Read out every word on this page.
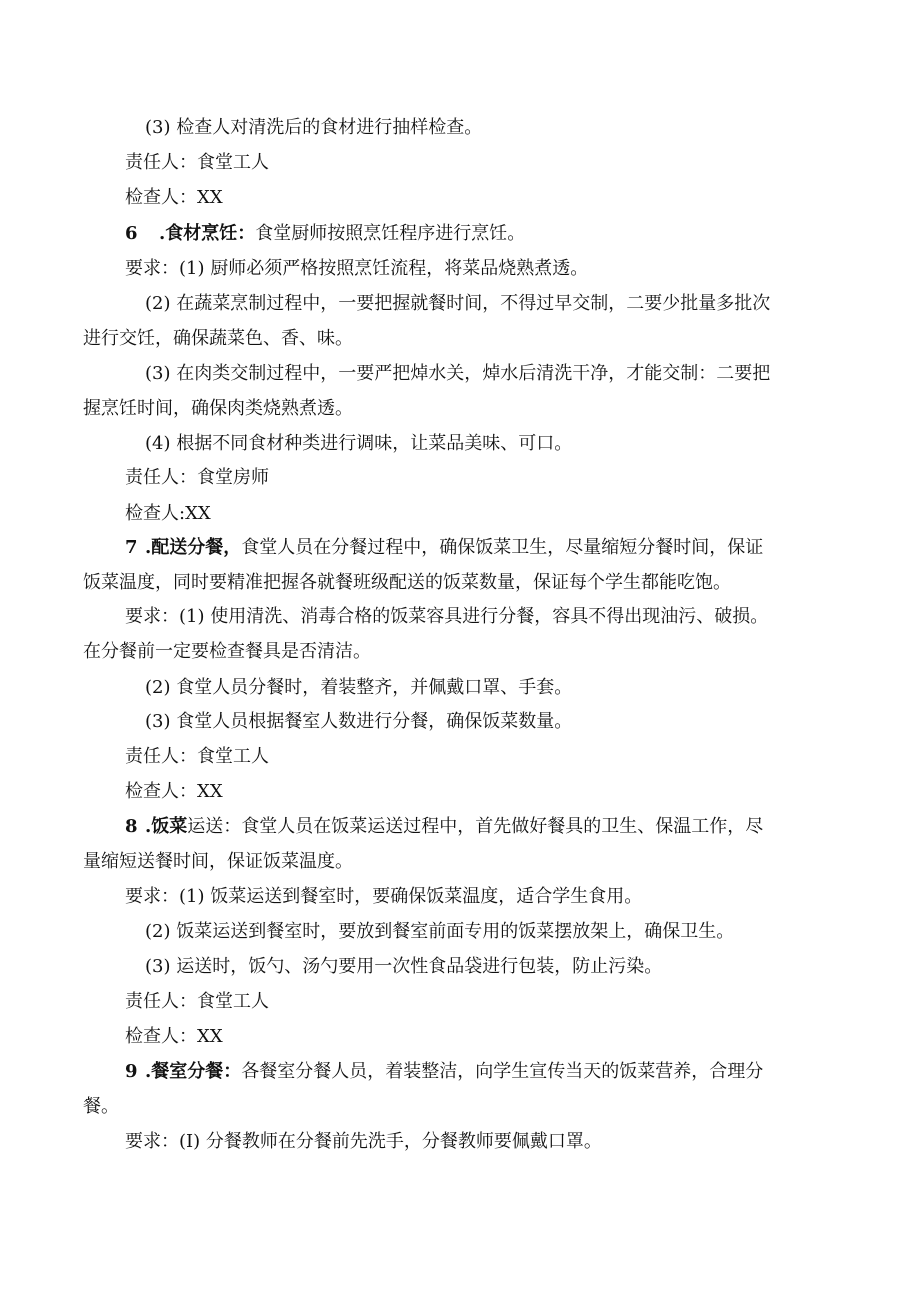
(3) 检查人对清洗后的食材进行抽样检查。
责任人：食堂工人
检查人：XX
6 .食材烹饪：食堂厨师按照烹饪程序进行烹饪。
要求：(1) 厨师必须严格按照烹饪流程，将菜品烧熟煮透。
(2) 在蔬菜烹制过程中，一要把握就餐时间，不得过早交制，二要少批量多批次
进行交饪，确保蔬菜色、香、味。
(3) 在肉类交制过程中，一要严把焯水关，焯水后清洗干净，才能交制：二要把
握烹饪时间，确保肉类烧熟煮透。
(4) 根据不同食材种类进行调味，让菜品美味、可口。
责任人：食堂房师
检查人:XX
7 .配送分餐，食堂人员在分餐过程中，确保饭菜卫生，尽量缩短分餐时间，保证
饭菜温度，同时要精准把握各就餐班级配送的饭菜数量，保证每个学生都能吃饱。
要求：(1) 使用清洗、消毒合格的饭菜容具进行分餐，容具不得出现油污、破损。
在分餐前一定要检查餐具是否清洁。
(2) 食堂人员分餐时，着装整齐，并佩戴口罩、手套。
(3) 食堂人员根据餐室人数进行分餐，确保饭菜数量。
责任人：食堂工人
检查人：XX
8 .饭菜运送：食堂人员在饭菜运送过程中，首先做好餐具的卫生、保温工作，尽
量缩短送餐时间，保证饭菜温度。
要求：(1) 饭菜运送到餐室时，要确保饭菜温度，适合学生食用。
(2) 饭菜运送到餐室时，要放到餐室前面专用的饭菜摆放架上，确保卫生。
(3) 运送时，饭勺、汤勺要用一次性食品袋进行包装，防止污染。
责任人：食堂工人
检查人：XX
9 .餐室分餐：各餐室分餐人员，着装整洁，向学生宣传当天的饭菜营养，合理分
餐。
要求：(I) 分餐教师在分餐前先洗手，分餐教师要佩戴口罩。
